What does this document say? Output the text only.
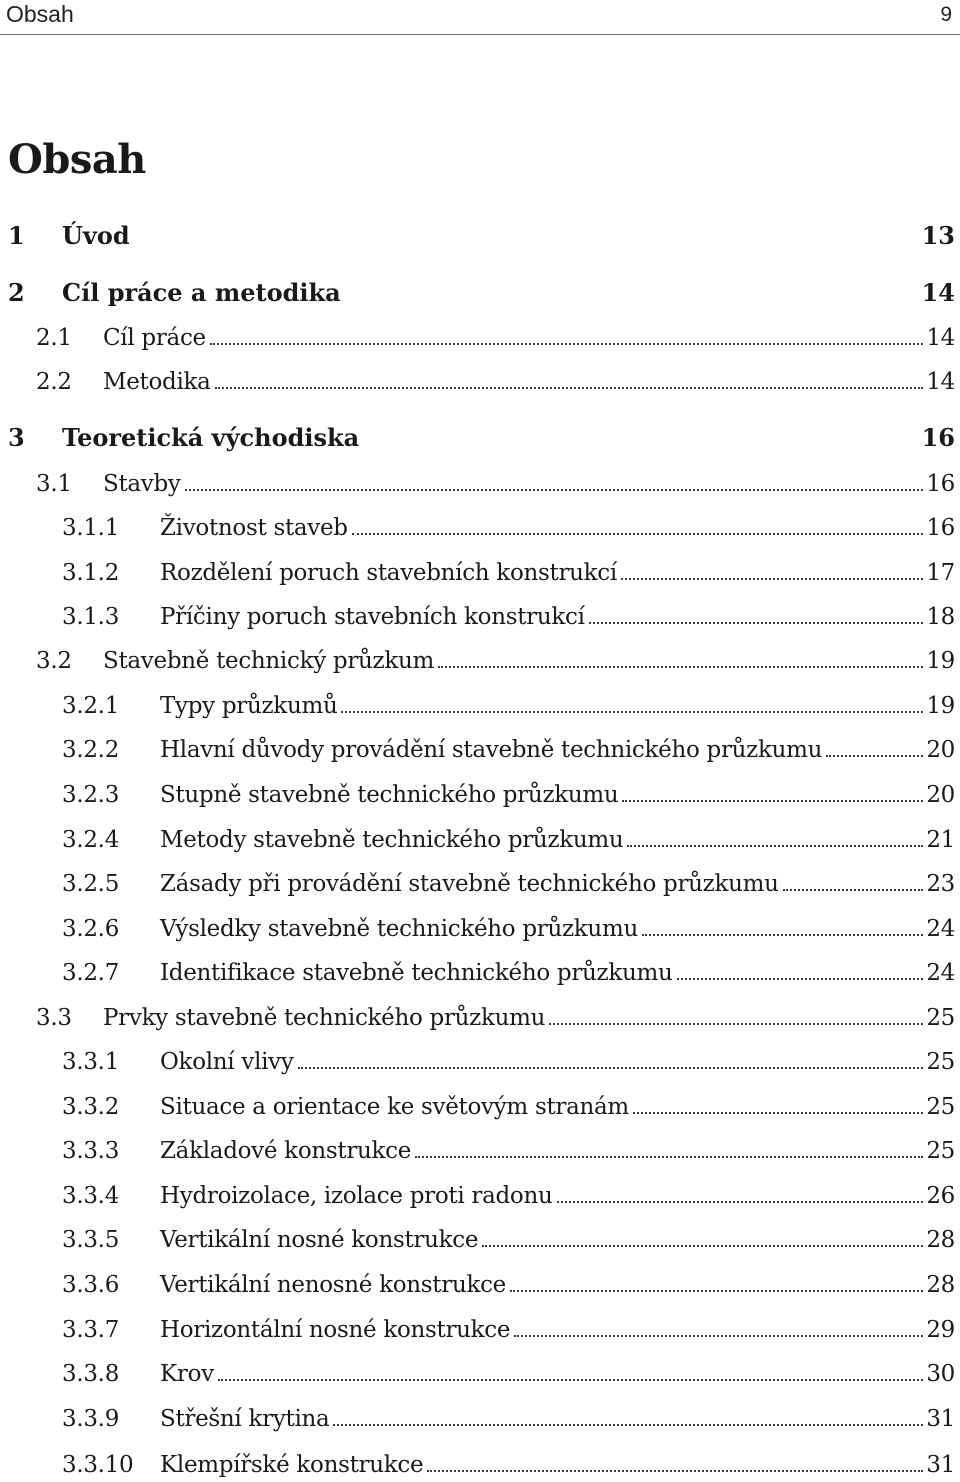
Obsah	9
Obsah
1 Úvod	13
2 Cíl práce a metodika	14
2.1 Cíl práce	14
2.2 Metodika	14
3 Teoretická východiska	16
3.1 Stavby	16
3.1.1 Životnost staveb	16
3.1.2 Rozdělení poruch stavebních konstrukcí	17
3.1.3 Příčiny poruch stavebních konstrukcí	18
3.2 Stavebně technický průzkum	19
3.2.1 Typy průzkumů	19
3.2.2 Hlavní důvody provádění stavebně technického průzkumu	20
3.2.3 Stupně stavebně technického průzkumu	20
3.2.4 Metody stavebně technického průzkumu	21
3.2.5 Zásady při provádění stavebně technického průzkumu	23
3.2.6 Výsledky stavebně technického průzkumu	24
3.2.7 Identifikace stavebně technického průzkumu	24
3.3 Prvky stavebně technického průzkumu	25
3.3.1 Okolní vlivy	25
3.3.2 Situace a orientace ke světovým stranám	25
3.3.3 Základové konstrukce	25
3.3.4 Hydroizolace, izolace proti radonu	26
3.3.5 Vertikální nosné konstrukce	28
3.3.6 Vertikální nenosné konstrukce	28
3.3.7 Horizontální nosné konstrukce	29
3.3.8 Krov	30
3.3.9 Střešní krytina	31
3.3.10 Klempířské konstrukce	31
